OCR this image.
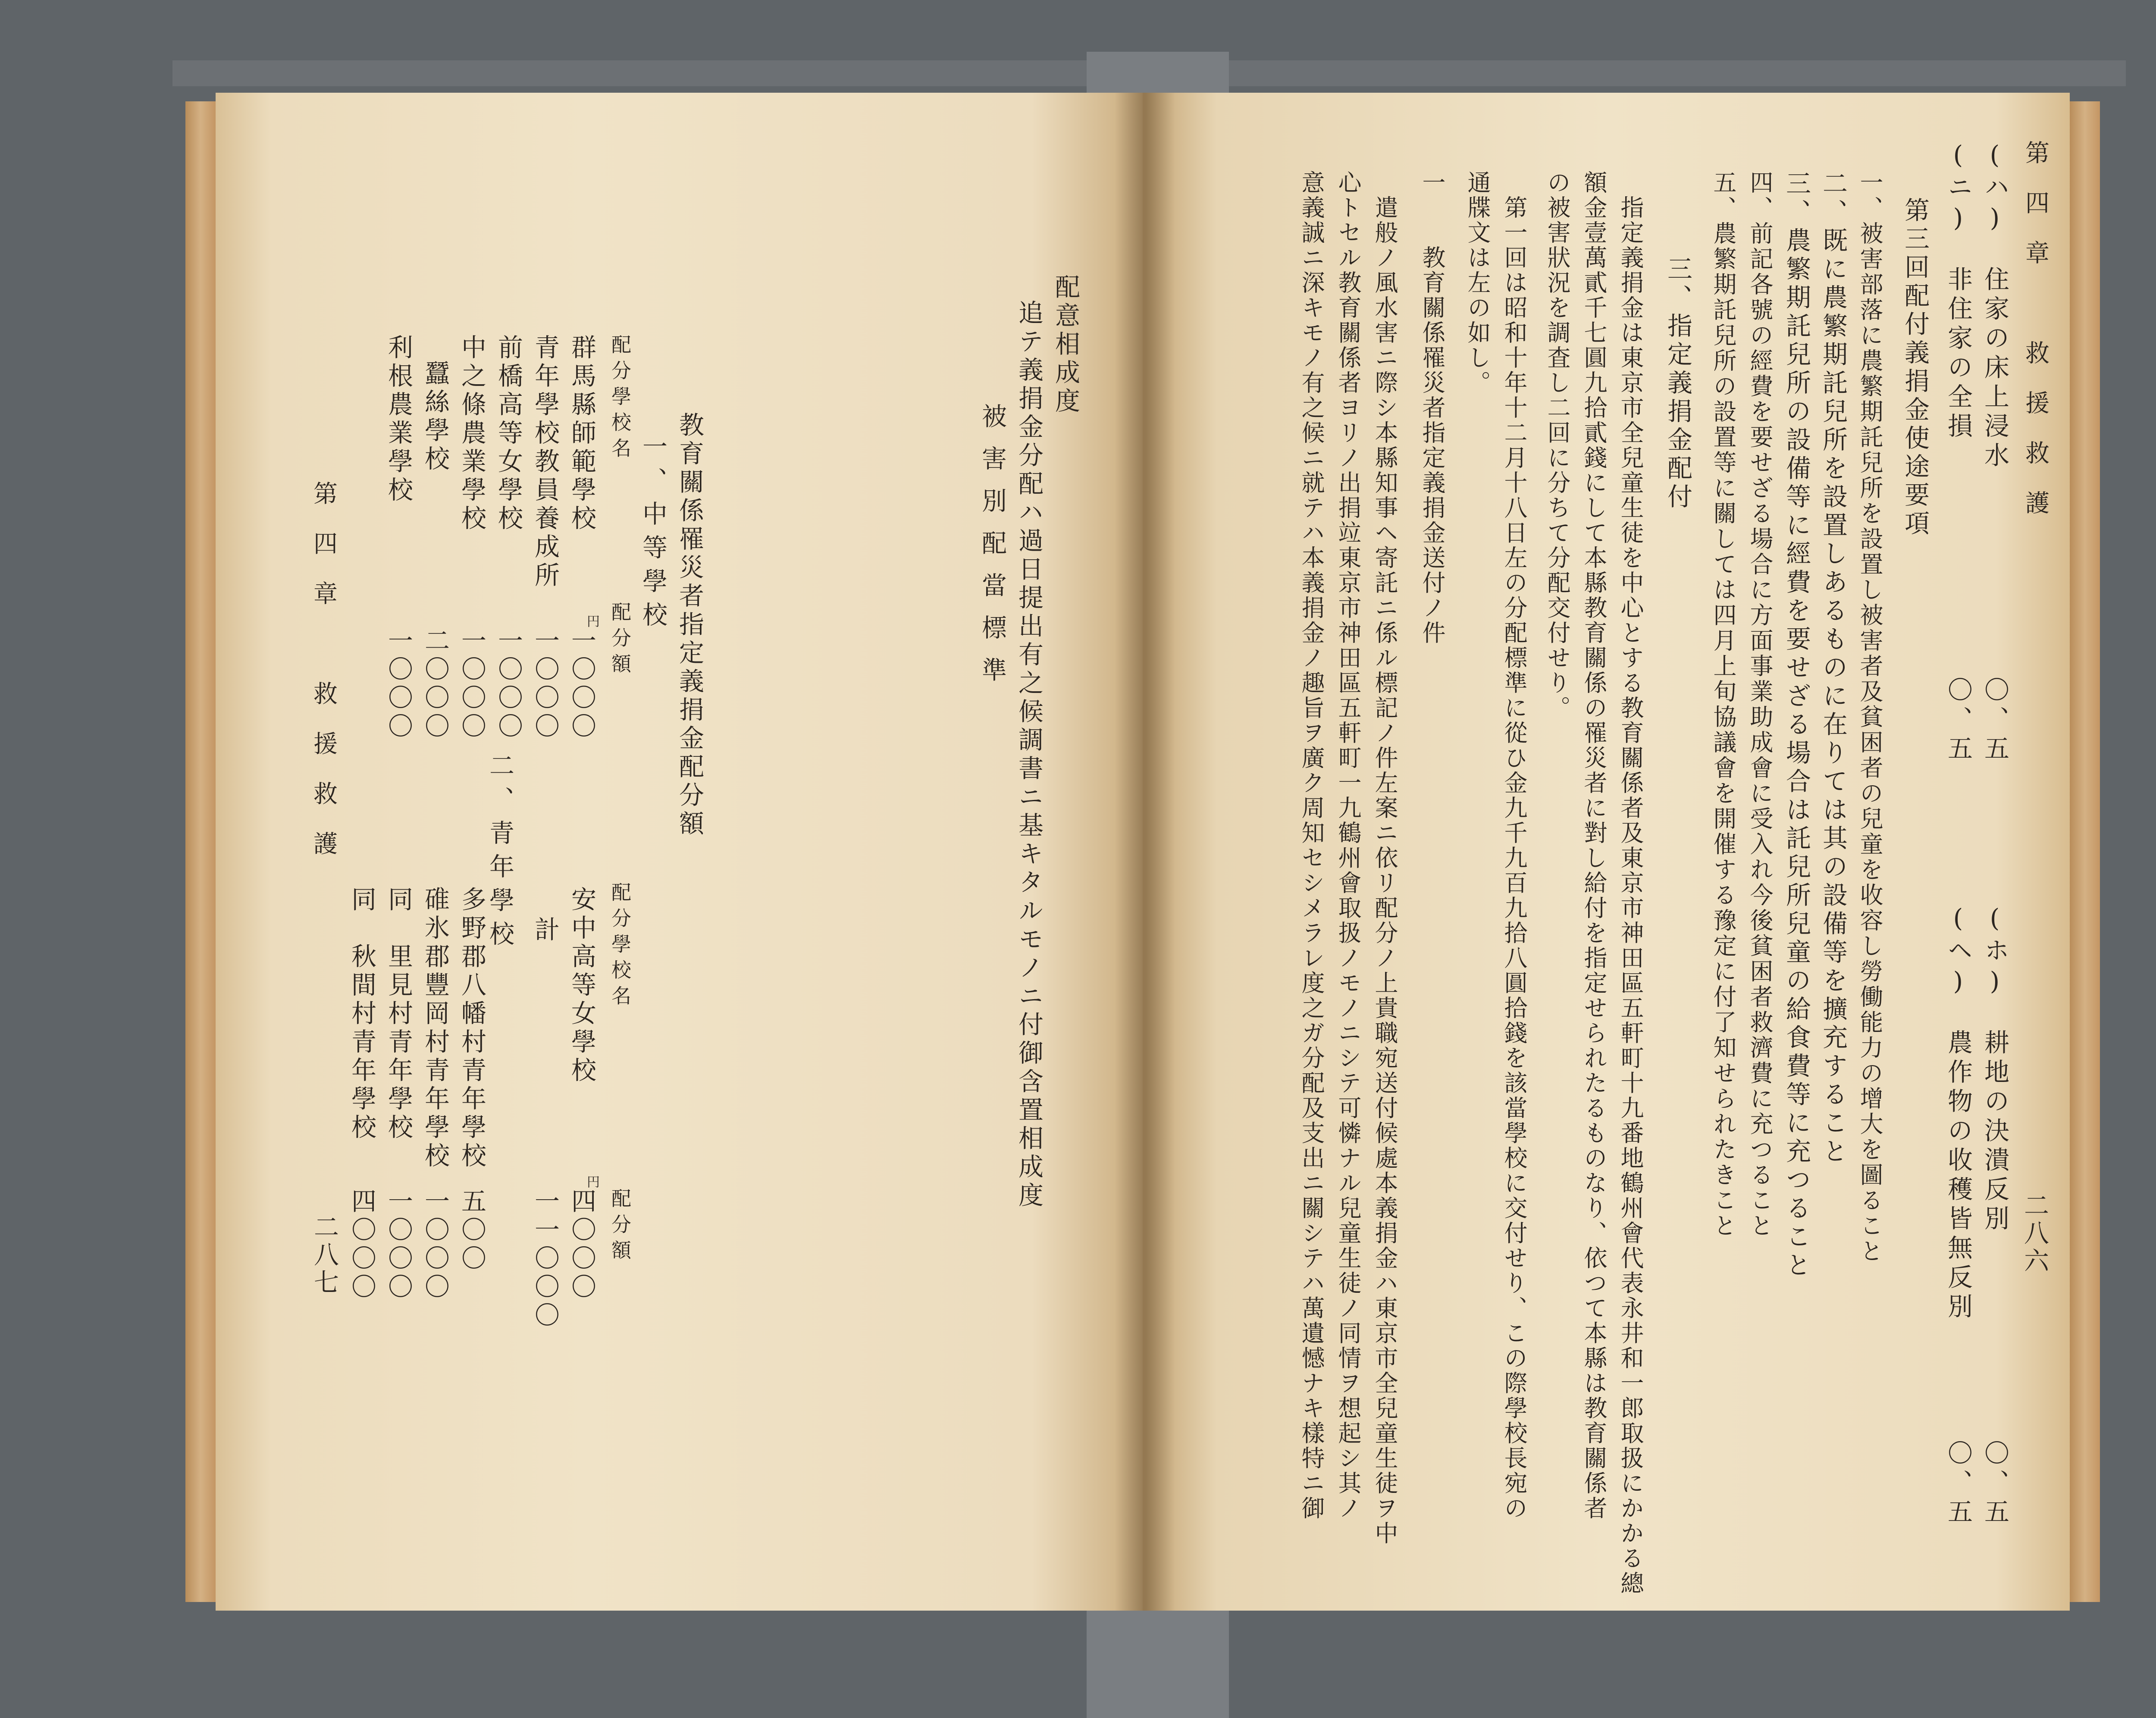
第四章　救援救護
二八六
(ハ)　住家の床上浸水　　　　　　　〇、五
(ニ)　非住家の全損　　　　　　　　〇、五
(ホ)　耕地の決潰反別　　　　　　　〇、五
(ヘ)　農作物の收穫皆無反別　　　　〇、五
　　第三回配付義捐金使途要項
一、被害部落に農繁期託兒所を設置し被害者及貧困者の兒童を收容し勞働能力の增大を圖ること
二、既に農繁期託兒所を設置しあるものに在りては其の設備等を擴充すること
三、農繁期託兒所の設備等に經費を要せざる場合は託兒所兒童の給食費等に充つること
四、前記各號の經費を要せざる場合に方面事業助成會に受入れ今後貧困者救濟費に充つること
五、農繁期託兒所の設置等に關しては四月上旬協議會を開催する豫定に付了知せられたきこと
　　　三、指定義捐金配付
　指定義捐金は東京市全兒童生徒を中心とする教育關係者及東京市神田區五軒町十九番地鶴州會代表永井和一郎取扱にかかる總
額金壹萬貳千七圓九拾貳錢にして本縣教育關係の罹災者に對し給付を指定せられたるものなり、依つて本縣は教育關係者
の被害狀況を調査し二回に分ちて分配交付せり。
　第一回は昭和十年十二月十八日左の分配標準に從ひ金九千九百九拾八圓拾錢を該當學校に交付せり、この際學校長宛の
通牒文は左の如し。
一　　教育關係罹災者指定義捐金送付ノ件
　遣般ノ風水害ニ際シ本縣知事ヘ寄託ニ係ル標記ノ件左案ニ依リ配分ノ上貴職宛送付候處本義捐金ハ東京市全兒童生徒ヲ中
心トセル教育關係者ヨリノ出捐竝東京市神田區五軒町一九鶴州會取扱ノモノニシテ可憐ナル兒童生徒ノ同情ヲ想起シ其ノ
意義誠ニ深キモノ有之候ニ就テハ本義捐金ノ趣旨ヲ廣ク周知セシメラレ度之ガ分配及支出ニ關シテハ萬遺憾ナキ樣特ニ御
第四章　救援救護
二八七
配意相成度
追テ義捐金分配ハ過日提出有之候調書ニ基キタルモノニ付御含置相成度
被害別配當標準
教育關係罹災者指定義捐金配分額
一、中等學校
配分學校名
配分額
群馬縣師範學校
一〇〇〇
青年學校教員養成所
一〇〇〇
前橋高等女學校
一〇〇〇
中之條農業學校
一〇〇〇
蠶絲學校
二〇〇〇
利根農業學校
一〇〇〇
円
二、青年學校	配分學校名
配分額
安中高等女學校
四〇〇〇
計
一一〇〇〇
多野郡八幡村青年學校
五〇〇
碓氷郡豐岡村青年學校
一〇〇〇
同　里見村青年學校
一〇〇〇
同　秋間村青年學校
四〇〇〇
円
